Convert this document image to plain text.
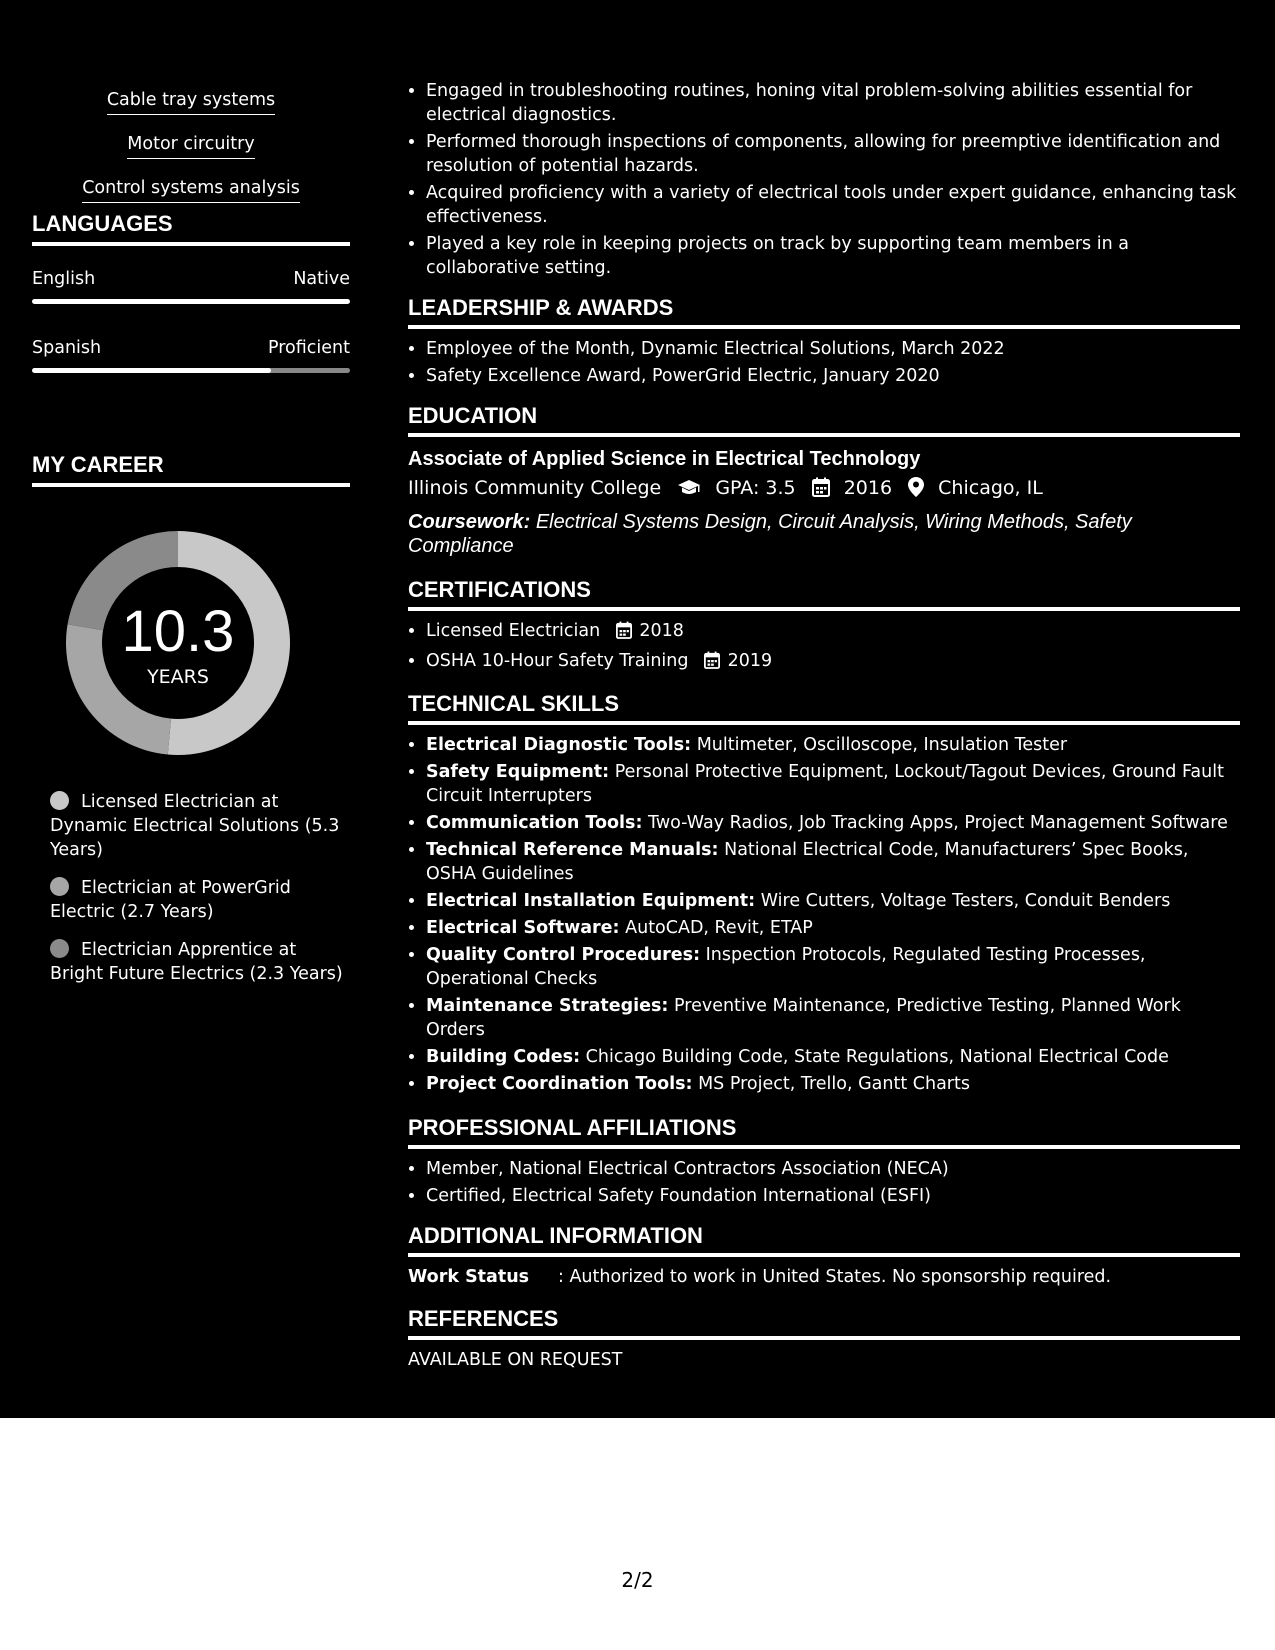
Cable tray systemsMotor circuitry
Control systems analysis
LANGUAGES
English	Native
Spanish	Proficient
MY CAREER
10.3
YEARS
Licensed Electrician at Dynamic Electrical Solutions (5.3 Years)
Electrician at PowerGrid Electric (2.7 Years)
Electrician Apprentice at Bright Future Electrics (2.3 Years)
• Engaged in troubleshooting routines, honing vital problem-solving abilities essential for electrical diagnostics.
• Performed thorough inspections of components, allowing for preemptive identification and resolution of potential hazards.
• Acquired proficiency with a variety of electrical tools under expert guidance, enhancing task effectiveness.
• Played a key role in keeping projects on track by supporting team members in a collaborative setting.
LEADERSHIP & AWARDS
• Employee of the Month, Dynamic Electrical Solutions, March 2022
• Safety Excellence Award, PowerGrid Electric, January 2020
EDUCATION
Associate of Applied Science in Electrical Technology
Illinois Community College	GPA: 3.5	2016 Chicago, IL
Coursework: Electrical Systems Design, Circuit Analysis, Wiring Methods, Safety Compliance
CERTIFICATIONS
• Licensed Electrician 2018
• OSHA 10-Hour Safety Training 2019
TECHNICAL SKILLS
• Electrical Diagnostic Tools: Multimeter, Oscilloscope, Insulation Tester
• Safety Equipment: Personal Protective Equipment, Lockout/Tagout Devices, Ground Fault Circuit Interrupters
• Communication Tools: Two-Way Radios, Job Tracking Apps, Project Management Software
• Technical Reference Manuals: National Electrical Code, Manufacturers’ Spec Books, OSHA Guidelines
• Electrical Installation Equipment: Wire Cutters, Voltage Testers, Conduit Benders
• Electrical Software: AutoCAD, Revit, ETAP
• Quality Control Procedures: Inspection Protocols, Regulated Testing Processes, Operational Checks
• Maintenance Strategies: Preventive Maintenance, Predictive Testing, Planned Work Orders
• Building Codes: Chicago Building Code, State Regulations, National Electrical Code
• Project Coordination Tools: MS Project, Trello, Gantt Charts
PROFESSIONAL AFFILIATIONS
• Member, National Electrical Contractors Association (NECA)
• Certified, Electrical Safety Foundation International (ESFI)
ADDITIONAL INFORMATION
Work Status : Authorized to work in United States. No sponsorship required.
REFERENCES
AVAILABLE ON REQUEST
2/2
